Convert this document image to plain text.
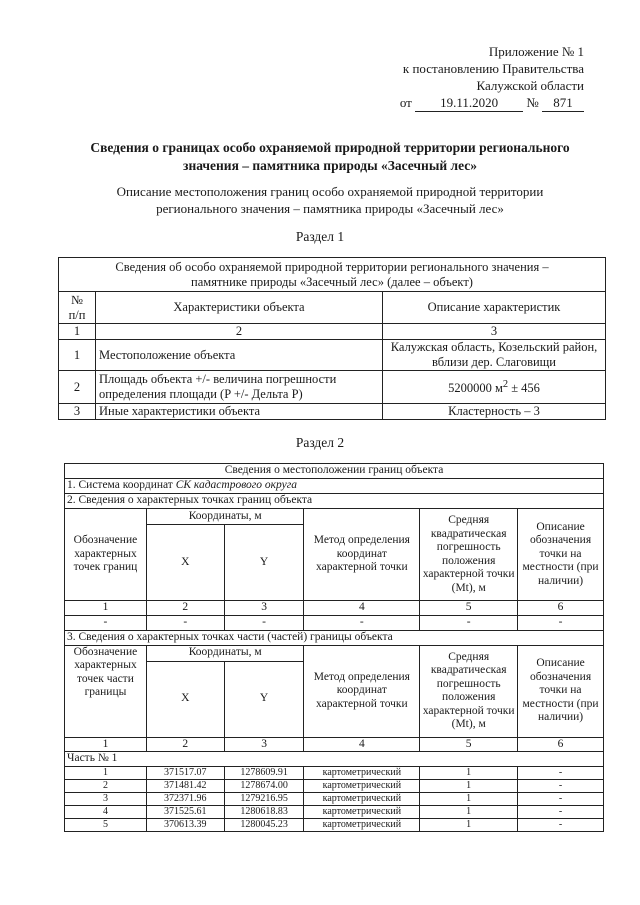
Приложение № 1
к постановлению Правительства
Калужской области
от 19.11.2020 № 871
Сведения о границах особо охраняемой природной территории регионального
значения – памятника природы «Засечный лес»
Описание местоположения границ особо охраняемой природной территории
регионального значения – памятника природы «Засечный лес»
Раздел 1
Сведения об особо охраняемой природной территории регионального значения –
памятнике природы «Засечный лес» (далее – объект)		

№
п/п	Характеристики объекта	Описание характеристик
1	2	3
1	Местоположение объекта	Калужская область, Козельский район,
вблизи дер. Слаговищи

2	Площадь объекта +/- величина погрешности
определения площади (P +/- Дельта P)	5200000 $м^2 \pm 456$
3	Иные характеристики объекта	Кластерность – 3
Раздел 2
Сведения о местоположении границ объекта					
1. Система координат СК кадастрового округа					
2. Сведения о характерных точках границ объекта					
Обозначение характерных точек границ	Координаты, м		Метод определения координат характерной точки	Средняя квадратическая погрешность положения характерной точки (Mt), м	Описание обозначения точки на местности (при наличии)
	X	Y			
1	2	3	4	5	6
-	-	-	-	-	-
3. Сведения о характерных точках части (частей) границы объекта					
Обозначение характерных точек части границы	Координаты, м		Метод определения координат характерной точки	Средняя квадратическая погрешность положения характерной точки (Mt), м	Описание обозначения точки на местности (при наличии)
	X	Y			
1	2	3	4	5	6
Часть № 1					
1	371517.07	1278609.91	картометрический	1	-
2	371481.42	1278674.00	картометрический	1	-
3	372371.96	1279216.95	картометрический	1	-
4	371525.61	1280618.83	картометрический	1	-
5	370613.39	1280045.23	картометрический	1	-
